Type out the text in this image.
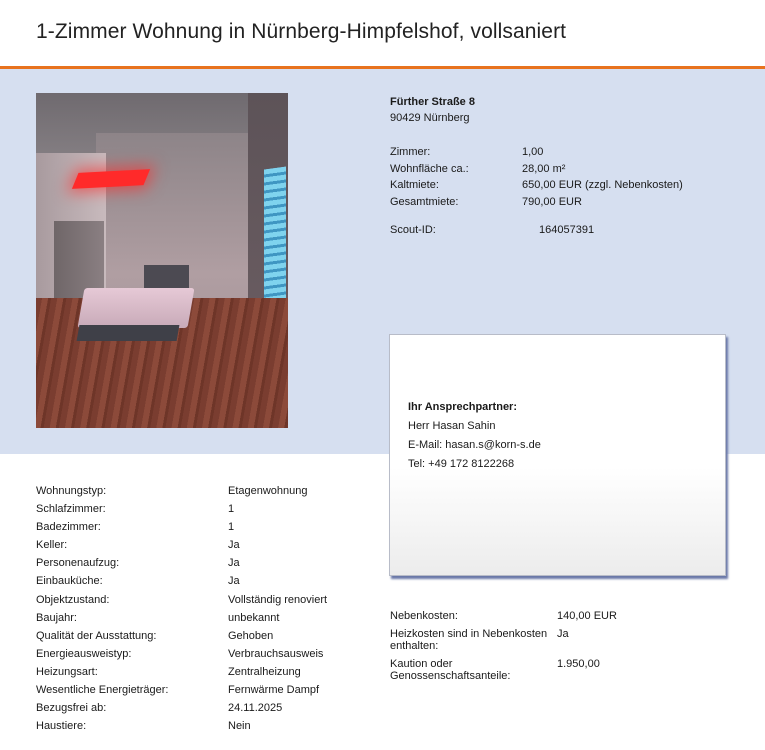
1-Zimmer Wohnung in Nürnberg-Himpfelshof, vollsaniert
Fürther Straße 8
90429 Nürnberg
Zimmer:	1,00
Wohnfläche ca.:	28,00 m²
Kaltmiete:	650,00 EUR (zzgl. Nebenkosten)
Gesamtmiete:	790,00 EUR
Scout-ID:	164057391
Ihr Ansprechpartner:
Herr Hasan Sahin
E-Mail: hasan.s@korn-s.de
Tel: +49 172 8122268
Wohnungstyp:	Etagenwohnung
Schlafzimmer:	1
Badezimmer:	1
Keller:	Ja
Personenaufzug:	Ja
Einbauküche:	Ja
Objektzustand:	Vollständig renoviert
Baujahr:	unbekannt
Qualität der Ausstattung:	Gehoben
Energieausweistyp:	Verbrauchsausweis
Heizungsart:	Zentralheizung
Wesentliche Energieträger:	Fernwärme Dampf
Bezugsfrei ab:	24.11.2025
Haustiere:	Nein
Nebenkosten:	140,00 EUR
Heizkosten sind in Nebenkosten enthalten:
Ja
Kaution oder Genossenschaftsanteile:
1.950,00
